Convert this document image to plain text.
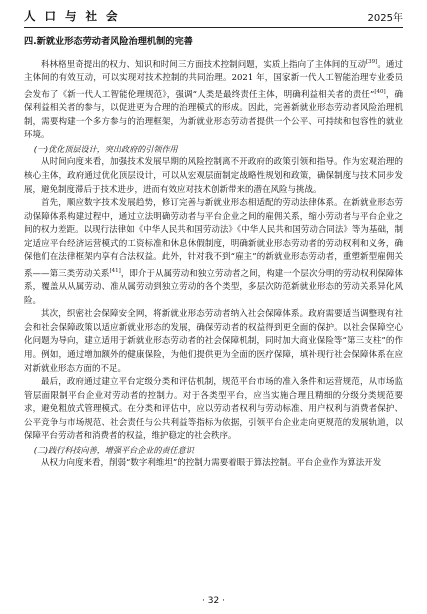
人口与社会	2025年
四.新就业形态劳动者风险治理机制的完善

科林格里奇提出的权力、知识和时间三方面技术控制问题，实质上指向了主体间的互动[39]。通过主体间的有效互动，可以实现对技术控制的共同治理。2021 年，国家新一代人工智能治理专业委员会发布了《新一代人工智能伦理规范》，强调“人类是最终责任主体，明确利益相关者的责任”[40]，确保利益相关者的参与，以促进更为合理的治理模式的形成。因此，完善新就业形态劳动者风险治理机制，需要构建一个多方参与的治理框架，为新就业形态劳动者提供一个公平、可持续和包容性的就业环境。

(一)优化顶层设计，突出政府的引领作用

从时间向度来看，加强技术发展早期的风险控制离不开政府的政策引领和指导。作为宏观治理的核心主体，政府通过优化顶层设计，可以从宏观层面制定战略性规划和政策，确保制度与技术同步发展，避免制度滞后于技术进步，进而有效应对技术创新带来的潜在风险与挑战。

首先，顺应数字技术发展趋势，修订完善与新就业形态相适配的劳动法律体系。在新就业形态劳动保障体系构建过程中，通过立法明确劳动者与平台企业之间的雇佣关系，缩小劳动者与平台企业之间的权力差距。以现行法律如《中华人民共和国劳动法》《中华人民共和国劳动合同法》等为基础，制定适应平台经济运营模式的工资标准和休息休假制度，明确新就业形态劳动者的劳动权利和义务，确保他们在法律框架内享有合法权益。此外，针对我不到“雇主”的新就业形态劳动者，重塑新型雇佣关系——第三类劳动关系[41]，即介于从属劳动和独立劳动者之间，构建一个层次分明的劳动权利保障体系，覆盖从从属劳动、准从属劳动到独立劳动的各个类型，多层次防范新就业形态的劳动关系异化风险。

其次，织密社会保障安全网，将新就业形态劳动者纳入社会保障体系。政府需要适当调整现有社会和社会保障政策以适应新就业形态的发展，确保劳动者的权益得到更全面的保护。以社会保障空心化问题为导向，建立适用于新就业形态劳动者的社会保障机制，同时加大商业保险等“第三支柱”的作用。例如，通过增加额外的健康保险，为他们提供更为全面的医疗保障，填补现行社会保障体系在应对新就业形态方面的不足。

最后，政府通过建立平台定级分类和评估机制，规范平台市场的准入条件和运营规范，从市场监管层面限制平台企业对劳动者的控制力。对于各类型平台，应当实施合理且精细的分级分类规范要求，避免粗放式管理模式。在分类和评估中，应以劳动者权利与劳动标准、用户权利与消费者保护、公平竞争与市场规范、社会责任与公共利益等指标为依据，引领平台企业走向更规范的发展轨道，以保障平台劳动者和消费者的权益，维护稳定的社会秩序。

(二)践行科技向善，增强平台企业的责任意识

从权力向度来看，削弱“数字利维坦”的控制力需要着眼于算法控制。平台企业作为算法开发

· 32 ·
